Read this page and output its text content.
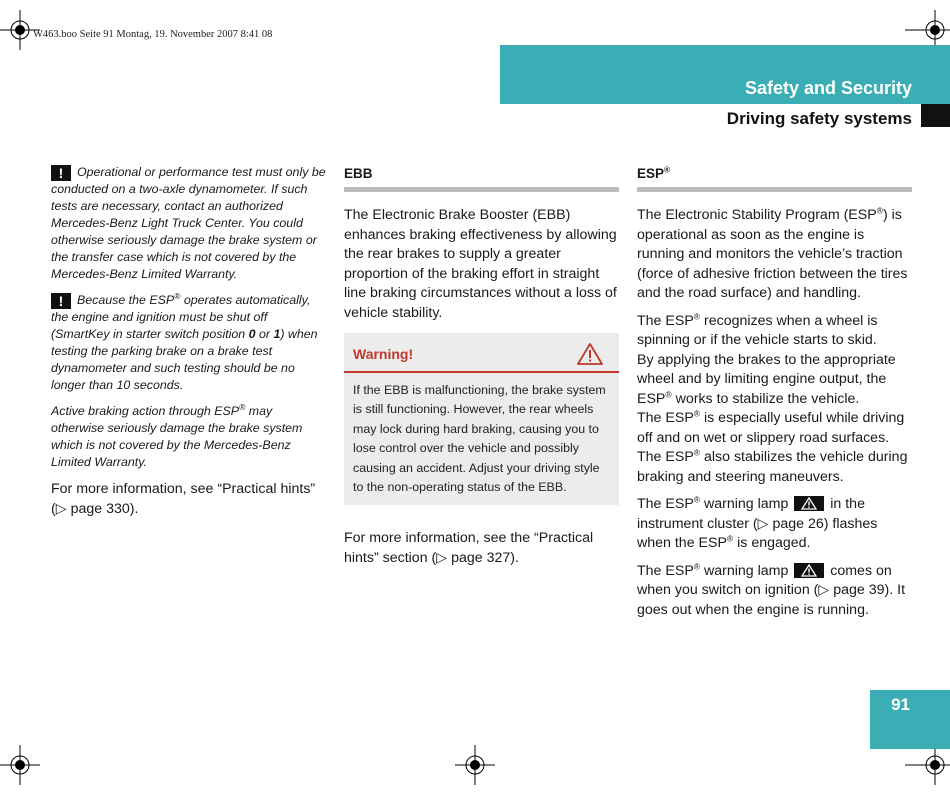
W463.boo Seite 91 Montag, 19. November 2007 8:41 08
Safety and Security
Driving safety systems

! Operational or performance test must only be conducted on a two-axle dynamometer. If such tests are necessary, contact an authorized Mercedes-Benz Light Truck Center. You could otherwise seriously damage the brake system or the transfer case which is not covered by the Mercedes-Benz Limited Warranty.

! Because the ESP® operates automatically, the engine and ignition must be shut off (SmartKey in starter switch position 0 or 1) when testing the parking brake on a brake test dynamometer and such testing should be no longer than 10 seconds.

Active braking action through ESP® may otherwise seriously damage the brake system which is not covered by the Mercedes-Benz Limited Warranty.

For more information, see “Practical hints” (▷ page 330).

EBB

The Electronic Brake Booster (EBB) enhances braking effectiveness by allowing the rear brakes to supply a greater proportion of the braking effort in straight line braking circumstances without a loss of vehicle stability.

Warning!
If the EBB is malfunctioning, the brake system is still functioning. However, the rear wheels may lock during hard braking, causing you to lose control over the vehicle and possibly causing an accident. Adjust your driving style to the non-operating status of the EBB.

For more information, see the “Practical hints” section (▷ page 327).

ESP®

The Electronic Stability Program (ESP®) is operational as soon as the engine is running and monitors the vehicle’s traction (force of adhesive friction between the tires and the road surface) and handling.

The ESP® recognizes when a wheel is spinning or if the vehicle starts to skid.
By applying the brakes to the appropriate wheel and by limiting engine output, the ESP® works to stabilize the vehicle.
The ESP® is especially useful while driving off and on wet or slippery road surfaces.
The ESP® also stabilizes the vehicle during braking and steering maneuvers.

The ESP® warning lamp
in the instrument cluster (▷ page 26) flashes when the ESP® is engaged.

The ESP® warning lamp
comes on when you switch on ignition (▷ page 39). It goes out when the engine is running.

91
